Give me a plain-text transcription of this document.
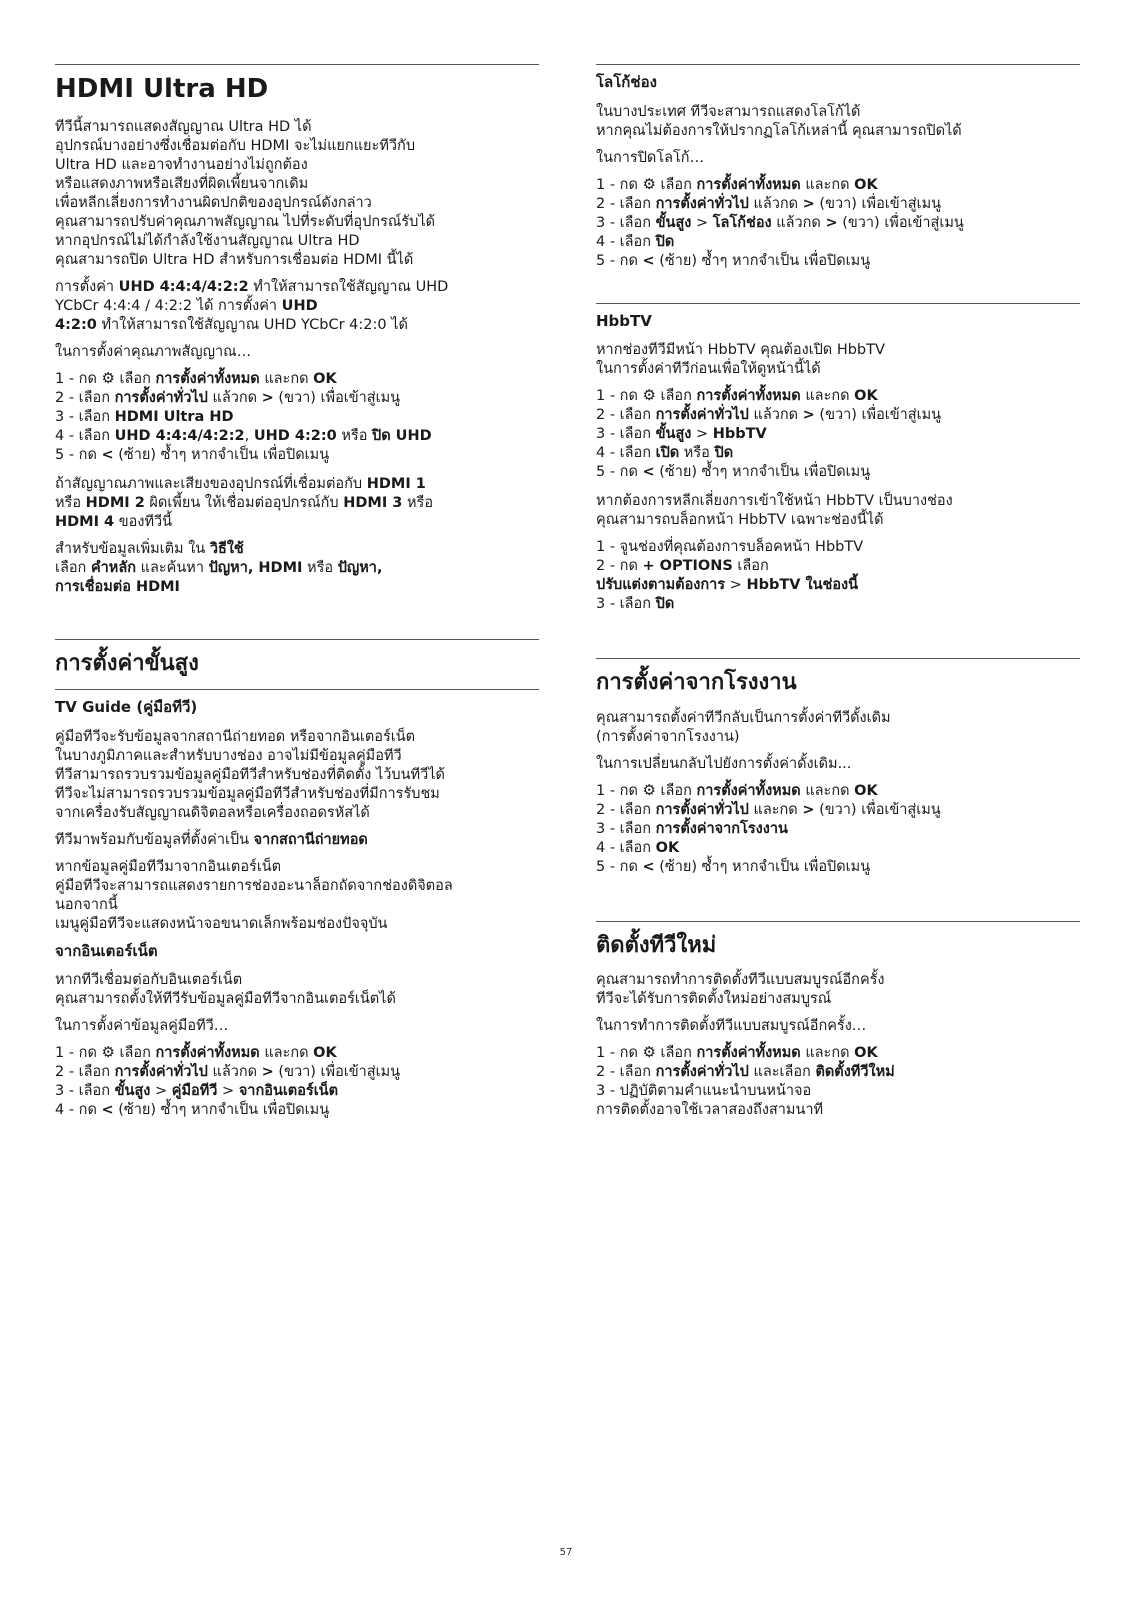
HDMI Ultra HD
ทีวีนี้สามารถแสดงสัญญาณ Ultra HD ได้
อุปกรณ์บางอย่างซึ่งเชื่อมต่อกับ HDMI จะไม่แยกแยะทีวีกับ
Ultra HD และอาจทำงานอย่างไม่ถูกต้อง
หรือแสดงภาพหรือเสียงที่ผิดเพี้ยนจากเดิม
เพื่อหลีกเลี่ยงการทำงานผิดปกติของอุปกรณ์ดังกล่าว
คุณสามารถปรับค่าคุณภาพสัญญาณ ไปที่ระดับที่อุปกรณ์รับได้
หากอุปกรณ์ไม่ได้กำลังใช้งานสัญญาณ Ultra HD
คุณสามารถปิด Ultra HD สำหรับการเชื่อมต่อ HDMI นี้ได้
การตั้งค่า UHD 4:4:4/4:2:2 ทำให้สามารถใช้สัญญาณ UHD
YCbCr 4:4:4 / 4:2:2 ได้ การตั้งค่า UHD
4:2:0 ทำให้สามารถใช้สัญญาณ UHD YCbCr 4:2:0 ได้
ในการตั้งค่าคุณภาพสัญญาณ…
1 - กด ⚙ เลือก การตั้งค่าทั้งหมด และกด OK
2 - เลือก การตั้งค่าทั่วไป แล้วกด > (ขวา) เพื่อเข้าสู่เมนู
3 - เลือก HDMI Ultra HD
4 - เลือก UHD 4:4:4/4:2:2, UHD 4:2:0 หรือ ปิด UHD
5 - กด < (ซ้าย) ซ้ำๆ หากจำเป็น เพื่อปิดเมนู
ถ้าสัญญาณภาพและเสียงของอุปกรณ์ที่เชื่อมต่อกับ HDMI 1
หรือ HDMI 2 ผิดเพี้ยน ให้เชื่อมต่ออุปกรณ์กับ HDMI 3 หรือ
HDMI 4 ของทีวีนี้
สำหรับข้อมูลเพิ่มเติม ใน วิธีใช้
เลือก คำหลัก และค้นหา ปัญหา, HDMI หรือ ปัญหา,
การเชื่อมต่อ HDMI
การตั้งค่าขั้นสูง
TV Guide (คู่มือทีวี)
คู่มือทีวีจะรับข้อมูลจากสถานีถ่ายทอด หรือจากอินเตอร์เน็ต
ในบางภูมิภาคและสำหรับบางช่อง อาจไม่มีข้อมูลคู่มือทีวี
ทีวีสามารถรวบรวมข้อมูลคู่มือทีวีสำหรับช่องที่ติดตั้ง ไว้บนทีวีได้
ทีวีจะไม่สามารถรวบรวมข้อมูลคู่มือทีวีสำหรับช่องที่มีการรับชม
จากเครื่องรับสัญญาณดิจิตอลหรือเครื่องถอดรหัสได้
ทีวีมาพร้อมกับข้อมูลที่ตั้งค่าเป็น จากสถานีถ่ายทอด
หากข้อมูลคู่มือทีวีมาจากอินเตอร์เน็ต
คู่มือทีวีจะสามารถแสดงรายการช่องอะนาล็อกถัดจากช่องดิจิตอล
นอกจากนี้
เมนูคู่มือทีวีจะแสดงหน้าจอขนาดเล็กพร้อมช่องปัจจุบัน
จากอินเตอร์เน็ต
หากทีวีเชื่อมต่อกับอินเตอร์เน็ต
คุณสามารถตั้งให้ทีวีรับข้อมูลคู่มือทีวีจากอินเตอร์เน็ตได้
ในการตั้งค่าข้อมูลคู่มือทีวี…
1 - กด ⚙ เลือก การตั้งค่าทั้งหมด และกด OK
2 - เลือก การตั้งค่าทั่วไป แล้วกด > (ขวา) เพื่อเข้าสู่เมนู
3 - เลือก ขั้นสูง > คู่มือทีวี > จากอินเตอร์เน็ต
4 - กด < (ซ้าย) ซ้ำๆ หากจำเป็น เพื่อปิดเมนู
โลโก้ช่อง
ในบางประเทศ ทีวีจะสามารถแสดงโลโก้ได้
หากคุณไม่ต้องการให้ปรากฏโลโก้เหล่านี้ คุณสามารถปิดได้
ในการปิดโลโก้…
1 - กด ⚙ เลือก การตั้งค่าทั้งหมด และกด OK
2 - เลือก การตั้งค่าทั่วไป แล้วกด > (ขวา) เพื่อเข้าสู่เมนู
3 - เลือก ขั้นสูง > โลโก้ช่อง แล้วกด > (ขวา) เพื่อเข้าสู่เมนู
4 - เลือก ปิด
5 - กด < (ซ้าย) ซ้ำๆ หากจำเป็น เพื่อปิดเมนู
HbbTV
หากช่องทีวีมีหน้า HbbTV คุณต้องเปิด HbbTV
ในการตั้งค่าทีวีก่อนเพื่อให้ดูหน้านี้ได้
1 - กด ⚙ เลือก การตั้งค่าทั้งหมด และกด OK
2 - เลือก การตั้งค่าทั่วไป แล้วกด > (ขวา) เพื่อเข้าสู่เมนู
3 - เลือก ขั้นสูง > HbbTV
4 - เลือก เปิด หรือ ปิด
5 - กด < (ซ้าย) ซ้ำๆ หากจำเป็น เพื่อปิดเมนู
หากต้องการหลีกเลี่ยงการเข้าใช้หน้า HbbTV เป็นบางช่อง
คุณสามารถบล็อกหน้า HbbTV เฉพาะช่องนี้ได้
1 - จูนช่องที่คุณต้องการบล็อคหน้า HbbTV
2 - กด + OPTIONS เลือก
ปรับแต่งตามต้องการ > HbbTV ในช่องนี้
3 - เลือก ปิด
การตั้งค่าจากโรงงาน
คุณสามารถตั้งค่าทีวีกลับเป็นการตั้งค่าทีวีดั้งเดิม
(การตั้งค่าจากโรงงาน)
ในการเปลี่ยนกลับไปยังการตั้งค่าดั้งเดิม...
1 - กด ⚙ เลือก การตั้งค่าทั้งหมด และกด OK
2 - เลือก การตั้งค่าทั่วไป และกด > (ขวา) เพื่อเข้าสู่เมนู
3 - เลือก การตั้งค่าจากโรงงาน
4 - เลือก OK
5 - กด < (ซ้าย) ซ้ำๆ หากจำเป็น เพื่อปิดเมนู
ติดตั้งทีวีใหม่
คุณสามารถทำการติดตั้งทีวีแบบสมบูรณ์อีกครั้ง
ทีวีจะได้รับการติดตั้งใหม่อย่างสมบูรณ์
ในการทำการติดตั้งทีวีแบบสมบูรณ์อีกครั้ง…
1 - กด ⚙ เลือก การตั้งค่าทั้งหมด และกด OK
2 - เลือก การตั้งค่าทั่วไป และเลือก ติดตั้งทีวีใหม่
3 - ปฏิบัติตามคำแนะนำบนหน้าจอ
การติดตั้งอาจใช้เวลาสองถึงสามนาที
57
